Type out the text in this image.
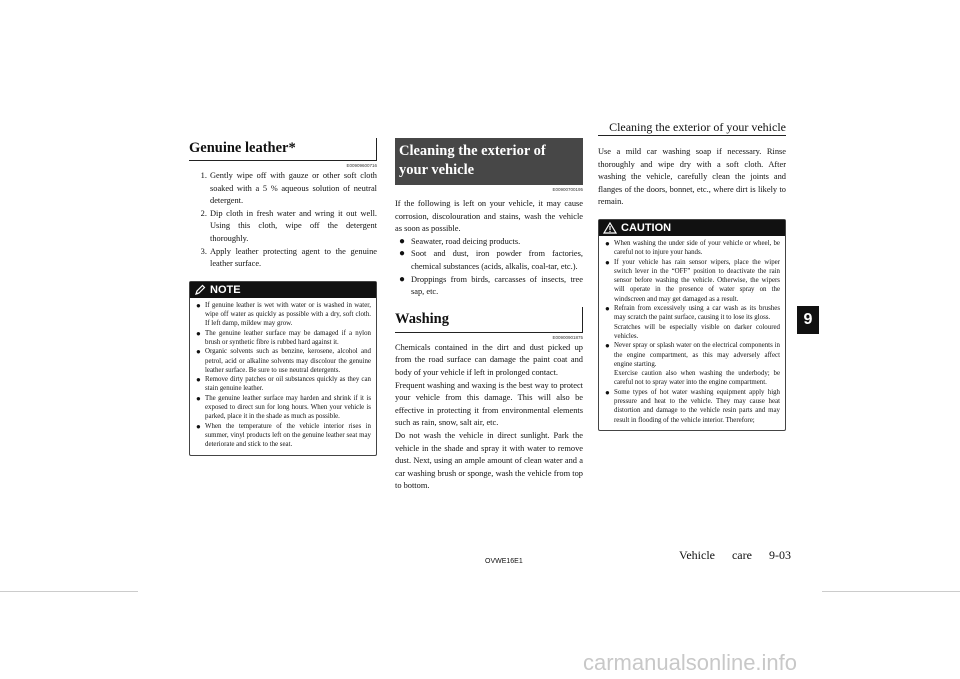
Cleaning the exterior of your vehicle
9
Genuine leather*
E00909600716
1. Gently wipe off with gauze or other soft cloth soaked with a 5 % aqueous solution of neutral detergent.
2. Dip cloth in fresh water and wring it out well. Using this cloth, wipe off the detergent thoroughly.
3. Apply leather protecting agent to the genuine leather surface.
NOTE
● If genuine leather is wet with water or is washed in water, wipe off water as quickly as possible with a dry, soft cloth. If left damp, mildew may grow.
● The genuine leather surface may be damaged if a nylon brush or synthetic fibre is rubbed hard against it.
● Organic solvents such as benzine, kerosene, alcohol and petrol, acid or alkaline solvents may discolour the genuine leather surface. Be sure to use neutral detergents.
● Remove dirty patches or oil substances quickly as they can stain genuine leather.
● The genuine leather surface may harden and shrink if it is exposed to direct sun for long hours. When your vehicle is parked, place it in the shade as much as possible.
● When the temperature of the vehicle interior rises in summer, vinyl products left on the genuine leather seat may deteriorate and stick to the seat.
Cleaning the exterior of
your vehicle
E00900700195
If the following is left on your vehicle, it may cause corrosion, discolouration and stains, wash the vehicle as soon as possible.
● Seawater, road deicing products.
● Soot and dust, iron powder from factories, chemical substances (acids, alkalis, coal-tar, etc.).
● Droppings from birds, carcasses of insects, tree sap, etc.
Washing
E00900901875
Chemicals contained in the dirt and dust picked up from the road surface can damage the paint coat and body of your vehicle if left in prolonged contact.
Frequent washing and waxing is the best way to protect your vehicle from this damage. This will also be effective in protecting it from environmental elements such as rain, snow, salt air, etc.
Do not wash the vehicle in direct sunlight. Park the vehicle in the shade and spray it with water to remove dust. Next, using an ample amount of clean water and a car washing brush or sponge, wash the vehicle from top to bottom.
Use a mild car washing soap if necessary. Rinse thoroughly and wipe dry with a soft cloth. After washing the vehicle, carefully clean the joints and flanges of the doors, bonnet, etc., where dirt is likely to remain.
CAUTION
● When washing the under side of your vehicle or wheel, be careful not to injure your hands.
● If your vehicle has rain sensor wipers, place the wiper switch lever in the “OFF” position to deactivate the rain sensor before washing the vehicle. Otherwise, the wipers will operate in the presence of water spray on the windscreen and may get damaged as a result.
● Refrain from excessively using a car wash as its brushes may scratch the paint surface, causing it to lose its gloss.

Scratches will be especially visible on darker coloured vehicles.

● Never spray or splash water on the electrical components in the engine compartment, as this may adversely affect engine starting.

Exercise caution also when washing the underbody; be careful not to spray water into the engine compartment.

● Some types of hot water washing equipment apply high pressure and heat to the vehicle. They may cause heat distortion and damage to the vehicle resin parts and may result in flooding of the vehicle interior. Therefore;
OVWE16E1	Vehicle care 9-03
carmanualsonline.info
